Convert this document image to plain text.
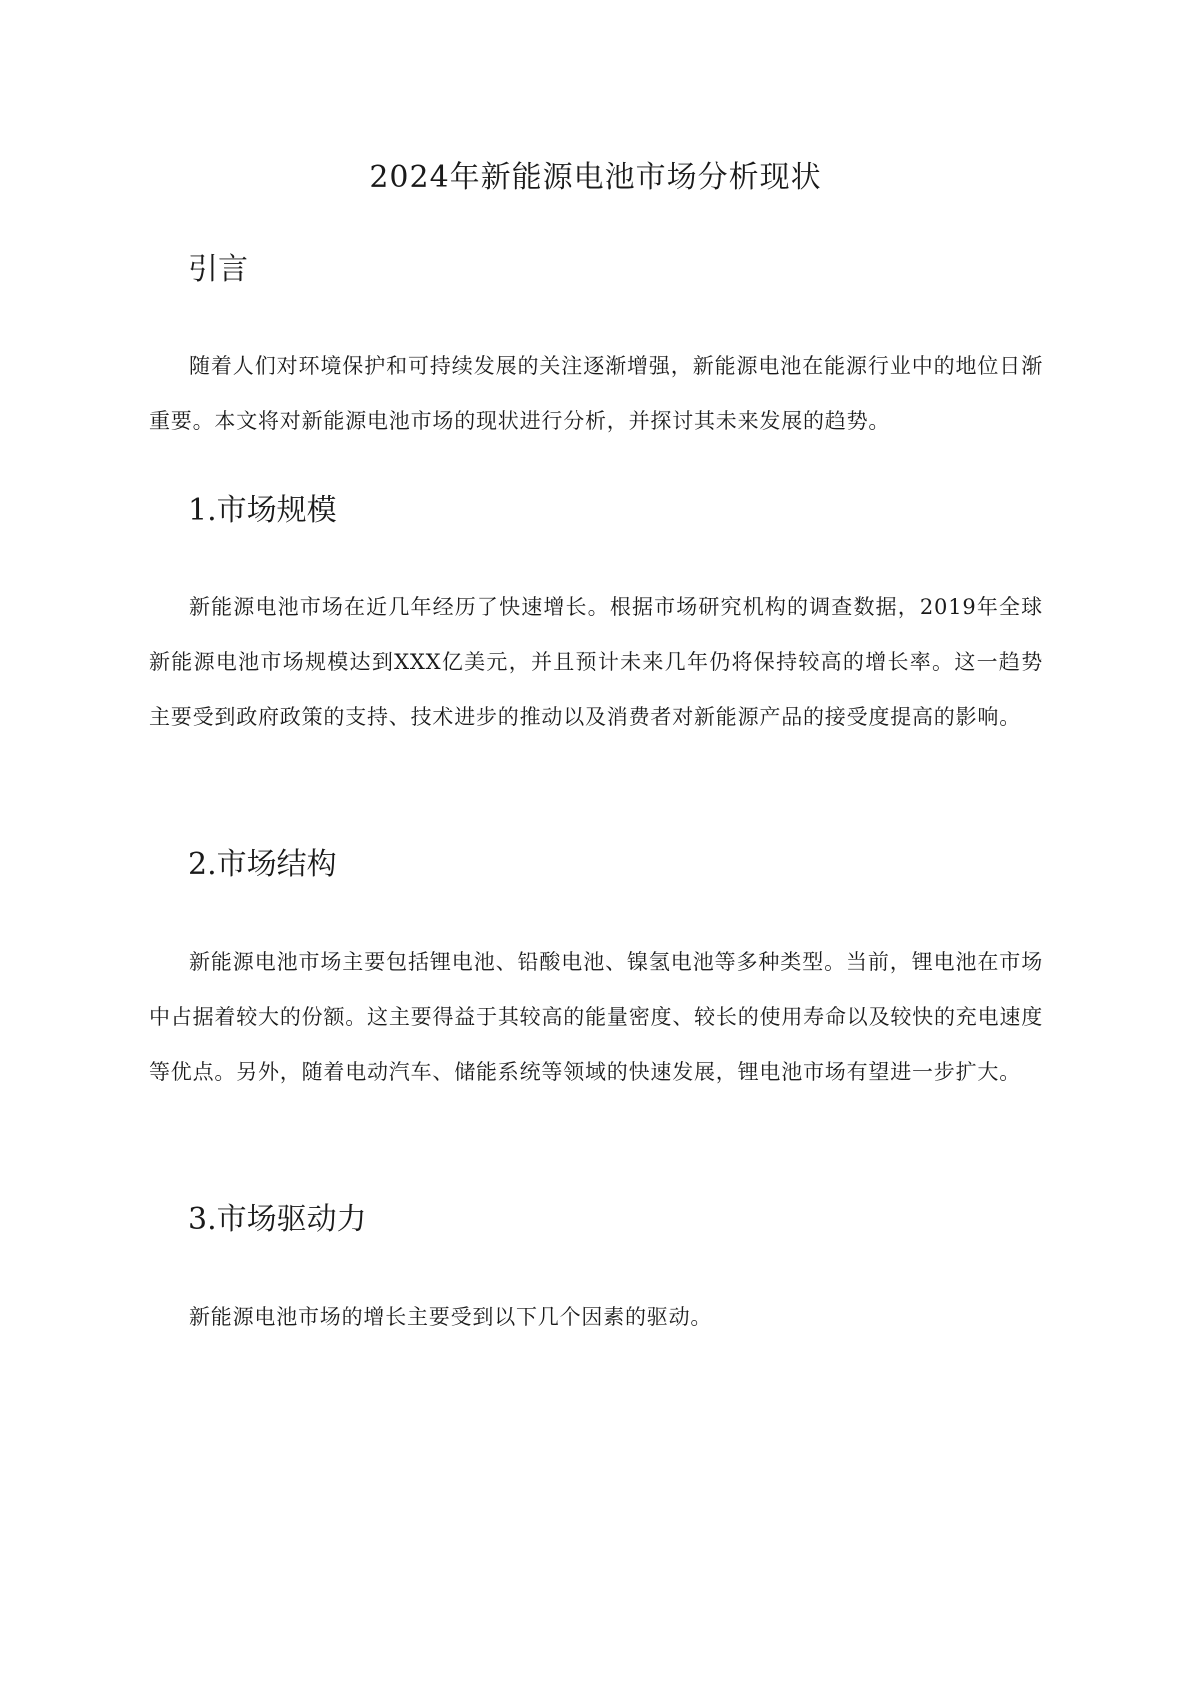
2024年新能源电池市场分析现状
引言

随着人们对环境保护和可持续发展的关注逐渐增强，新能源电池在能源行业中的地位日渐重要。本文将对新能源电池市场的现状进行分析，并探讨其未来发展的趋势。

1.市场规模

新能源电池市场在近几年经历了快速增长。根据市场研究机构的调查数据，2019年全球新能源电池市场规模达到XXX亿美元，并且预计未来几年仍将保持较高的增长率。这一趋势主要受到政府政策的支持、技术进步的推动以及消费者对新能源产品的接受度提高的影响。

2.市场结构

新能源电池市场主要包括锂电池、铅酸电池、镍氢电池等多种类型。当前，锂电池在市场中占据着较大的份额。这主要得益于其较高的能量密度、较长的使用寿命以及较快的充电速度等优点。另外，随着电动汽车、储能系统等领域的快速发展，锂电池市场有望进一步扩大。

3.市场驱动力

新能源电池市场的增长主要受到以下几个因素的驱动。
